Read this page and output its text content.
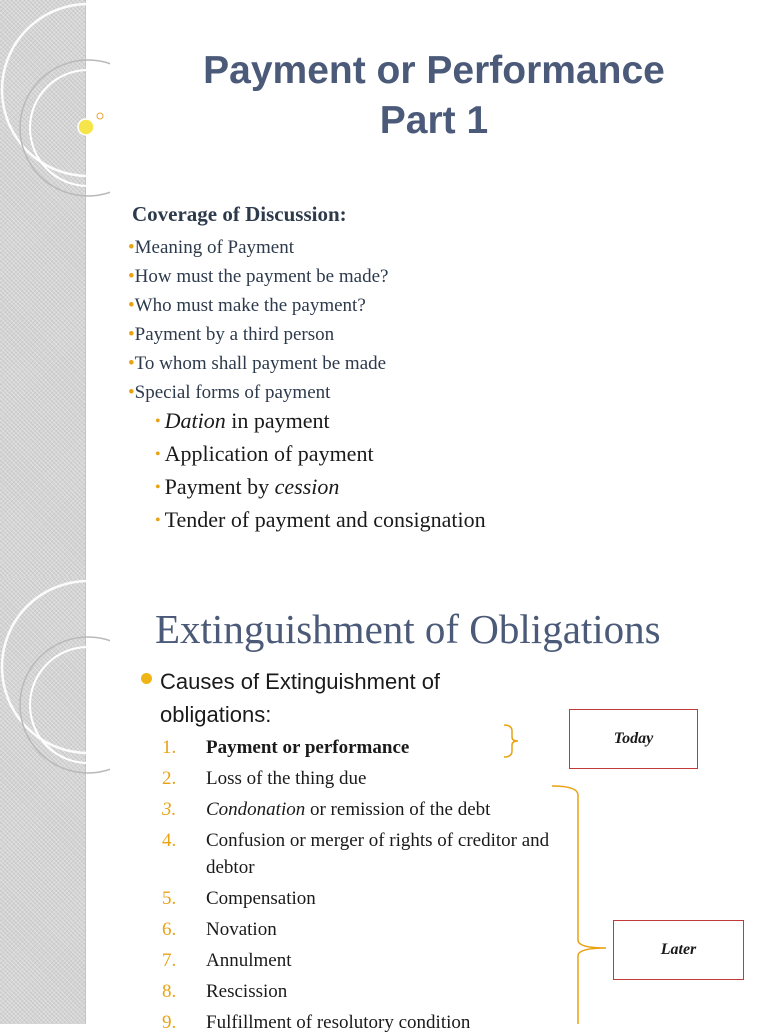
Payment or Performance
Part 1
Coverage of Discussion:
•Meaning of Payment
•How must the payment be made?
•Who must make the payment?
•Payment by a third person
•To whom shall payment be made
•Special forms of payment
• Dation in payment
• Application of payment
• Payment by cession
• Tender of payment and consignation
Extinguishment of Obligations
Causes of Extinguishment of obligations:
1.	Payment or performance
2.	Loss of the thing due
3.	Condonation or remission of the debt
4.	Confusion or merger of rights of creditor and debtor
5.	Compensation
6.	Novation
7.	Annulment
8.	Rescission
9.	Fulfillment of resolutory condition
Today
Later
